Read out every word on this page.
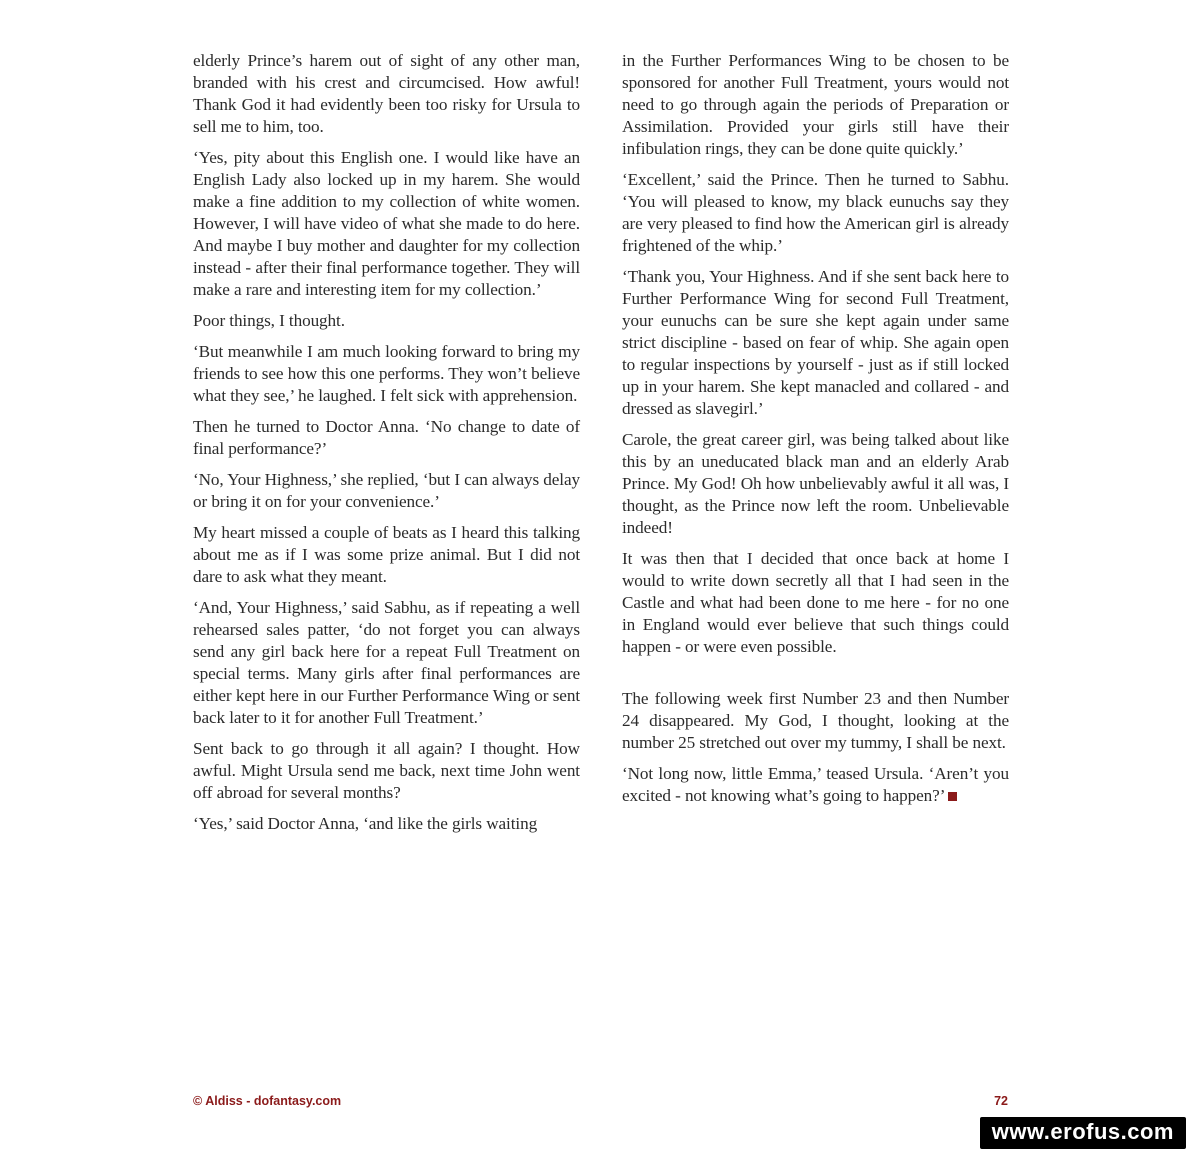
elderly Prince’s harem out of sight of any other man, branded with his crest and circumcised. How awful! Thank God it had evidently been too risky for Ursula to sell me to him, too.

‘Yes, pity about this English one. I would like have an English Lady also locked up in my harem. She would make a fine addition to my collection of white women. However, I will have video of what she made to do here. And maybe I buy mother and daughter for my collection instead - after their final performance together. They will make a rare and interesting item for my collection.’

Poor things, I thought.

‘But meanwhile I am much looking forward to bring my friends to see how this one performs. They won’t believe what they see,’ he laughed. I felt sick with apprehension.

Then he turned to Doctor Anna. ‘No change to date of final performance?’

‘No, Your Highness,’ she replied, ‘but I can always delay or bring it on for your convenience.’

My heart missed a couple of beats as I heard this talking about me as if I was some prize animal. But I did not dare to ask what they meant.

‘And, Your Highness,’ said Sabhu, as if repeating a well rehearsed sales patter, ‘do not forget you can always send any girl back here for a repeat Full Treatment on special terms. Many girls after final performances are either kept here in our Further Performance Wing or sent back later to it for another Full Treatment.’

Sent back to go through it all again? I thought. How awful. Might Ursula send me back, next time John went off abroad for several months?

‘Yes,’ said Doctor Anna, ‘and like the girls waiting

in the Further Performances Wing to be chosen to be sponsored for another Full Treatment, yours would not need to go through again the periods of Preparation or Assimilation. Provided your girls still have their infibulation rings, they can be done quite quickly.’

‘Excellent,’ said the Prince. Then he turned to Sabhu. ‘You will pleased to know, my black eunuchs say they are very pleased to find how the American girl is already frightened of the whip.’

‘Thank you, Your Highness. And if she sent back here to Further Performance Wing for second Full Treatment, your eunuchs can be sure she kept again under same strict discipline - based on fear of whip. She again open to regular inspections by yourself - just as if still locked up in your harem. She kept manacled and collared - and dressed as slavegirl.’

Carole, the great career girl, was being talked about like this by an uneducated black man and an elderly Arab Prince. My God! Oh how unbelievably awful it all was, I thought, as the Prince now left the room. Unbelievable indeed!

It was then that I decided that once back at home I would to write down secretly all that I had seen in the Castle and what had been done to me here - for no one in England would ever believe that such things could happen - or were even possible.

The following week first Number 23 and then Number 24 disappeared. My God, I thought, looking at the number 25 stretched out over my tummy, I shall be next.

‘Not long now, little Emma,’ teased Ursula. ‘Aren’t you excited - not knowing what’s going to happen?’

© Aldiss - dofantasy.com	72
www.erofus.com
